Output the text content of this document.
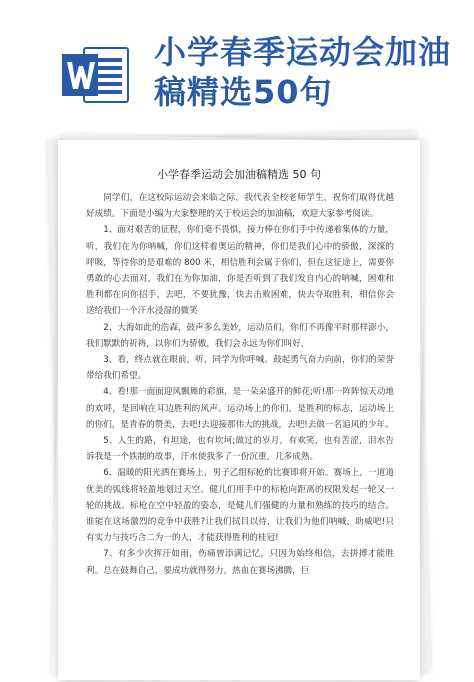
小学春季运动会加油稿精选50句
小学春季运动会加油稿精选 50 句

同学们，在这校际运动会来临之际，我代表全校老师学生，祝你们取得优越好成绩。下面是小编为大家整理的关于校运会的加油稿，欢迎大家参考阅读。

1、面对艰苦的征程，你们毫不畏惧，接力棒在你们手中传递着集体的力量，听，我们在为你呐喊，你们这样着奥运的精神，你们是我们心中的骄傲，深深的呼吸，等待你的是艰难的 800 米，相信胜利会属于你们，但在这征途上，需要你勇敢的心去面对，我们在为你加油，你是否听到了我们发自内心的呐喊，困难和胜利都在向你招手，去吧，不要犹豫，快去击败困难，快去夺取胜利，相信你会送给我们一个汗水浸湿的微笑

2、大海如此的浩森，鼓声多么美妙，运动员们，你们不再像平时那样澎小，我们默默的祈祷，以你们为骄傲，我们会永远为你们叫好，

3、看，终点就在眼前，听，同学为你呼喊。鼓起勇气奋力向前，你们的荣誉带给我们希望。

4、看!那一面面迎风飘舞的彩旗，是一朵朵盛开的鲜花;听!那一阵阵惊天动地的欢呼，是回响在耳边胜利的风声。运动场上的你们，是胜利的标志，运动场上的你们，是青春的赞美，去吧!去迎接那伟大的挑战，去吧!去做一名追风的少年。

5、人生的路，有坦途，也有坎坷;做过的岁月，有欢笑，也有苦涩，泪水告诉我是一个铁制的故事，汗水使我多了一份沉重，几多成熟。

6、温暖的阳光洒在赛场上，男子乙组标枪的比赛即将开始。赛场上，一道道优美的弧线将轻盈地划过天空。健儿们用手中的标枪向距离的权限发起一轮又一轮的挑战。标枪在空中轻盈的姿态，是健儿们强健的力量和熟练的技巧的结合。谁能在这场激烈的竞争中获胜?让我们拭目以待，让我们为他们呐喊，助威吧!只有实力与技巧合二为一的人，才能获得胜利的桂冠!

7、有多少次挥汗如雨，伤痛曾添满记忆，只因为始终相信，去拼搏才能胜利。总在鼓舞自己，要成功就得努力。热血在赛场沸腾，巨
